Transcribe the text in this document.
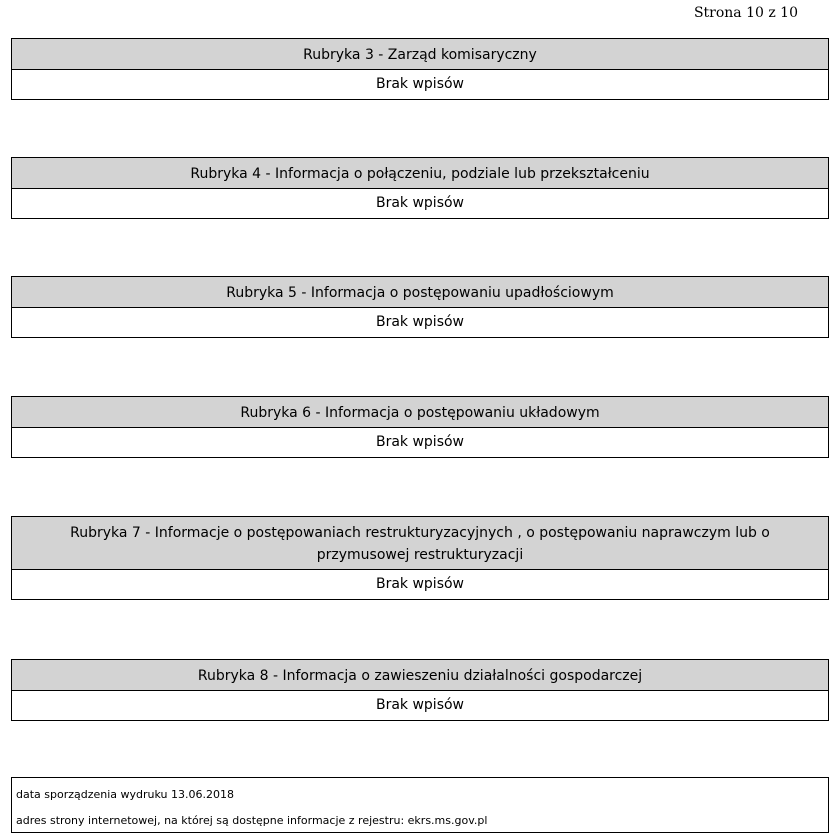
Strona 10 z 10
Rubryka 3 - Zarząd komisaryczny
Brak wpisów
Rubryka 4 - Informacja o połączeniu, podziale lub przekształceniu
Brak wpisów
Rubryka 5 - Informacja o postępowaniu upadłościowym
Brak wpisów
Rubryka 6 - Informacja o postępowaniu układowym
Brak wpisów
Rubryka 7 - Informacje o postępowaniach restrukturyzacyjnych , o postępowaniu naprawczym lub o przymusowej restrukturyzacji
Brak wpisów
Rubryka 8 - Informacja o zawieszeniu działalności gospodarczej
Brak wpisów
data sporządzenia wydruku 13.06.2018
adres strony internetowej, na której są dostępne informacje z rejestru: ekrs.ms.gov.pl
